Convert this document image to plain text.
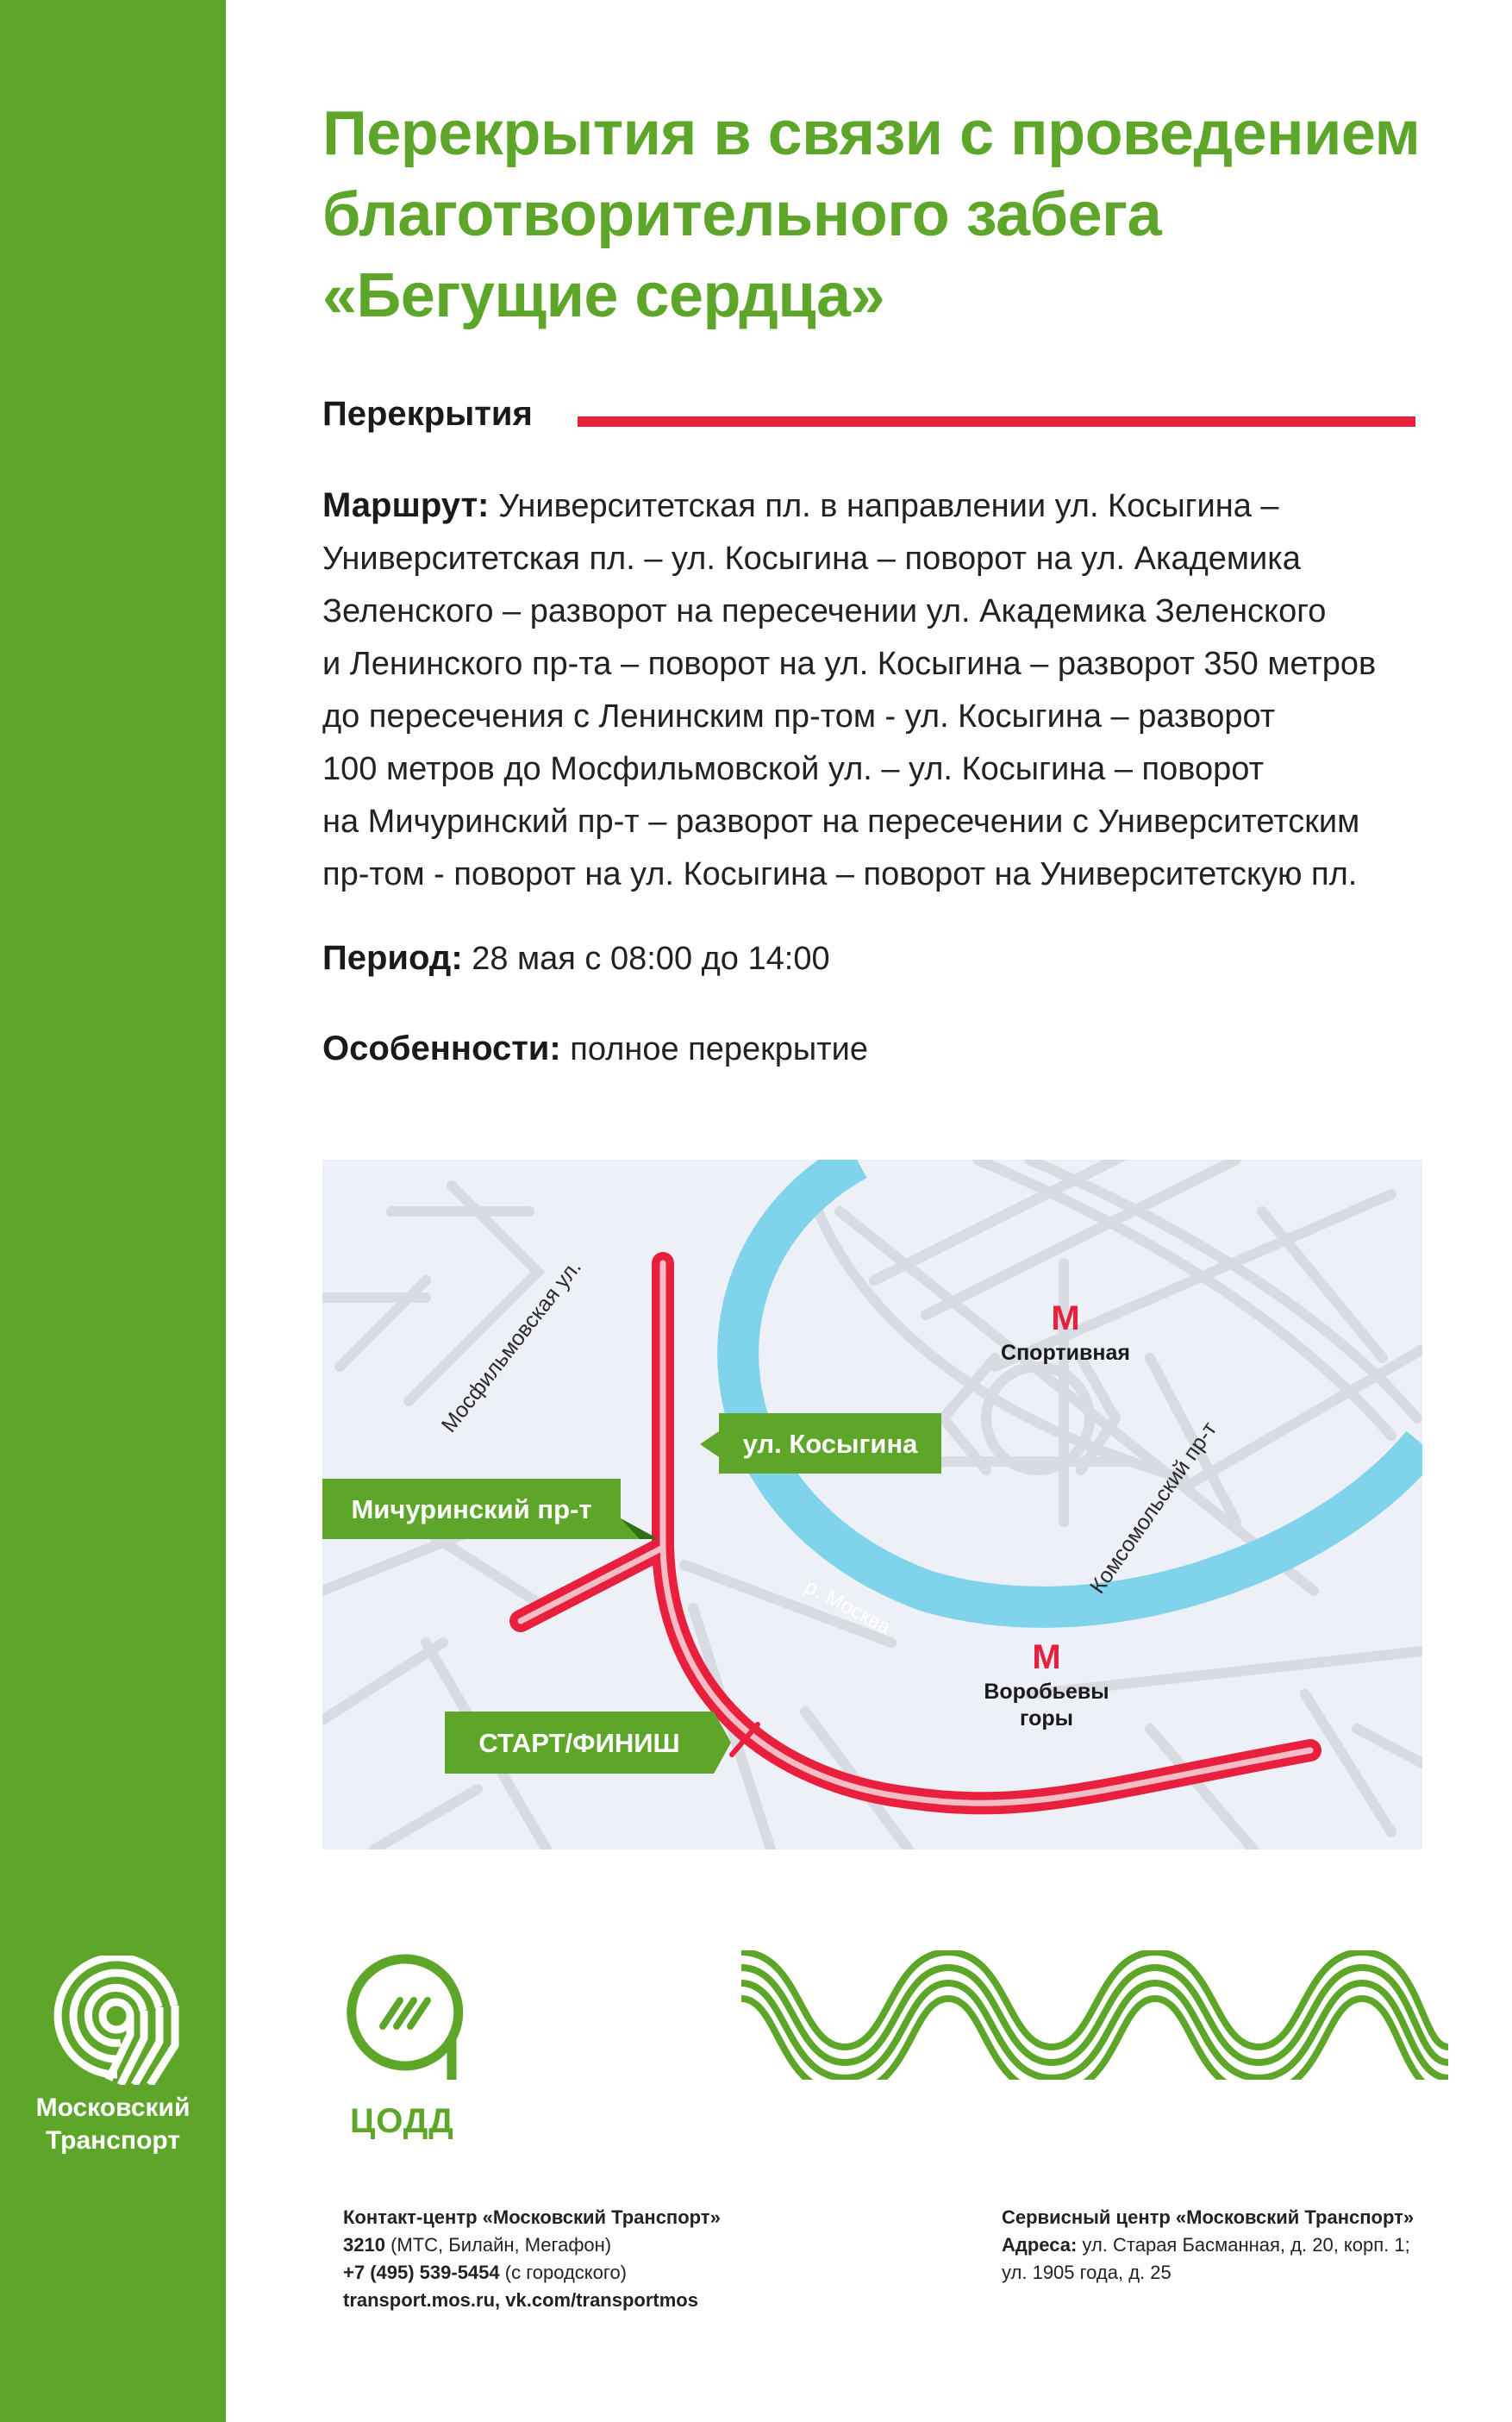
Перекрытия в связи с проведением
благотворительного забега
«Бегущие сердца»
Перекрытия
Маршрут: Университетская пл. в направлении ул. Косыгина –
Университетская пл. – ул. Косыгина – поворот на ул. Академика
Зеленского – разворот на пересечении ул. Академика Зеленского
и Ленинского пр-та – поворот на ул. Косыгина – разворот 350 метров
до пересечения с Ленинским пр-том - ул. Косыгина – разворот
100 метров до Мосфильмовской ул. – ул. Косыгина – поворот
на Мичуринский пр-т – разворот на пересечении с Университетским
пр-том - поворот на ул. Косыгина – поворот на Университетскую пл.
Период: 28 мая с 08:00 до 14:00
Особенности: полное перекрытие
р. Москва
Мосфильмовская ул.
Комсомольский пр-т
М
Спортивная
М
Воробьевы
горы
ул. Косыгина
Мичуринский пр-т
СТАРТ/ФИНИШ
Московский
Транспорт
ЦОДД
Контакт-центр «Московский Транспорт»
3210 (МТС, Билайн, Мегафон)
+7 (495) 539-5454 (с городского)
transport.mos.ru, vk.com/transportmos
Сервисный центр «Московский Транспорт»
Адреса: ул. Старая Басманная, д. 20, корп. 1;
ул. 1905 года, д. 25
